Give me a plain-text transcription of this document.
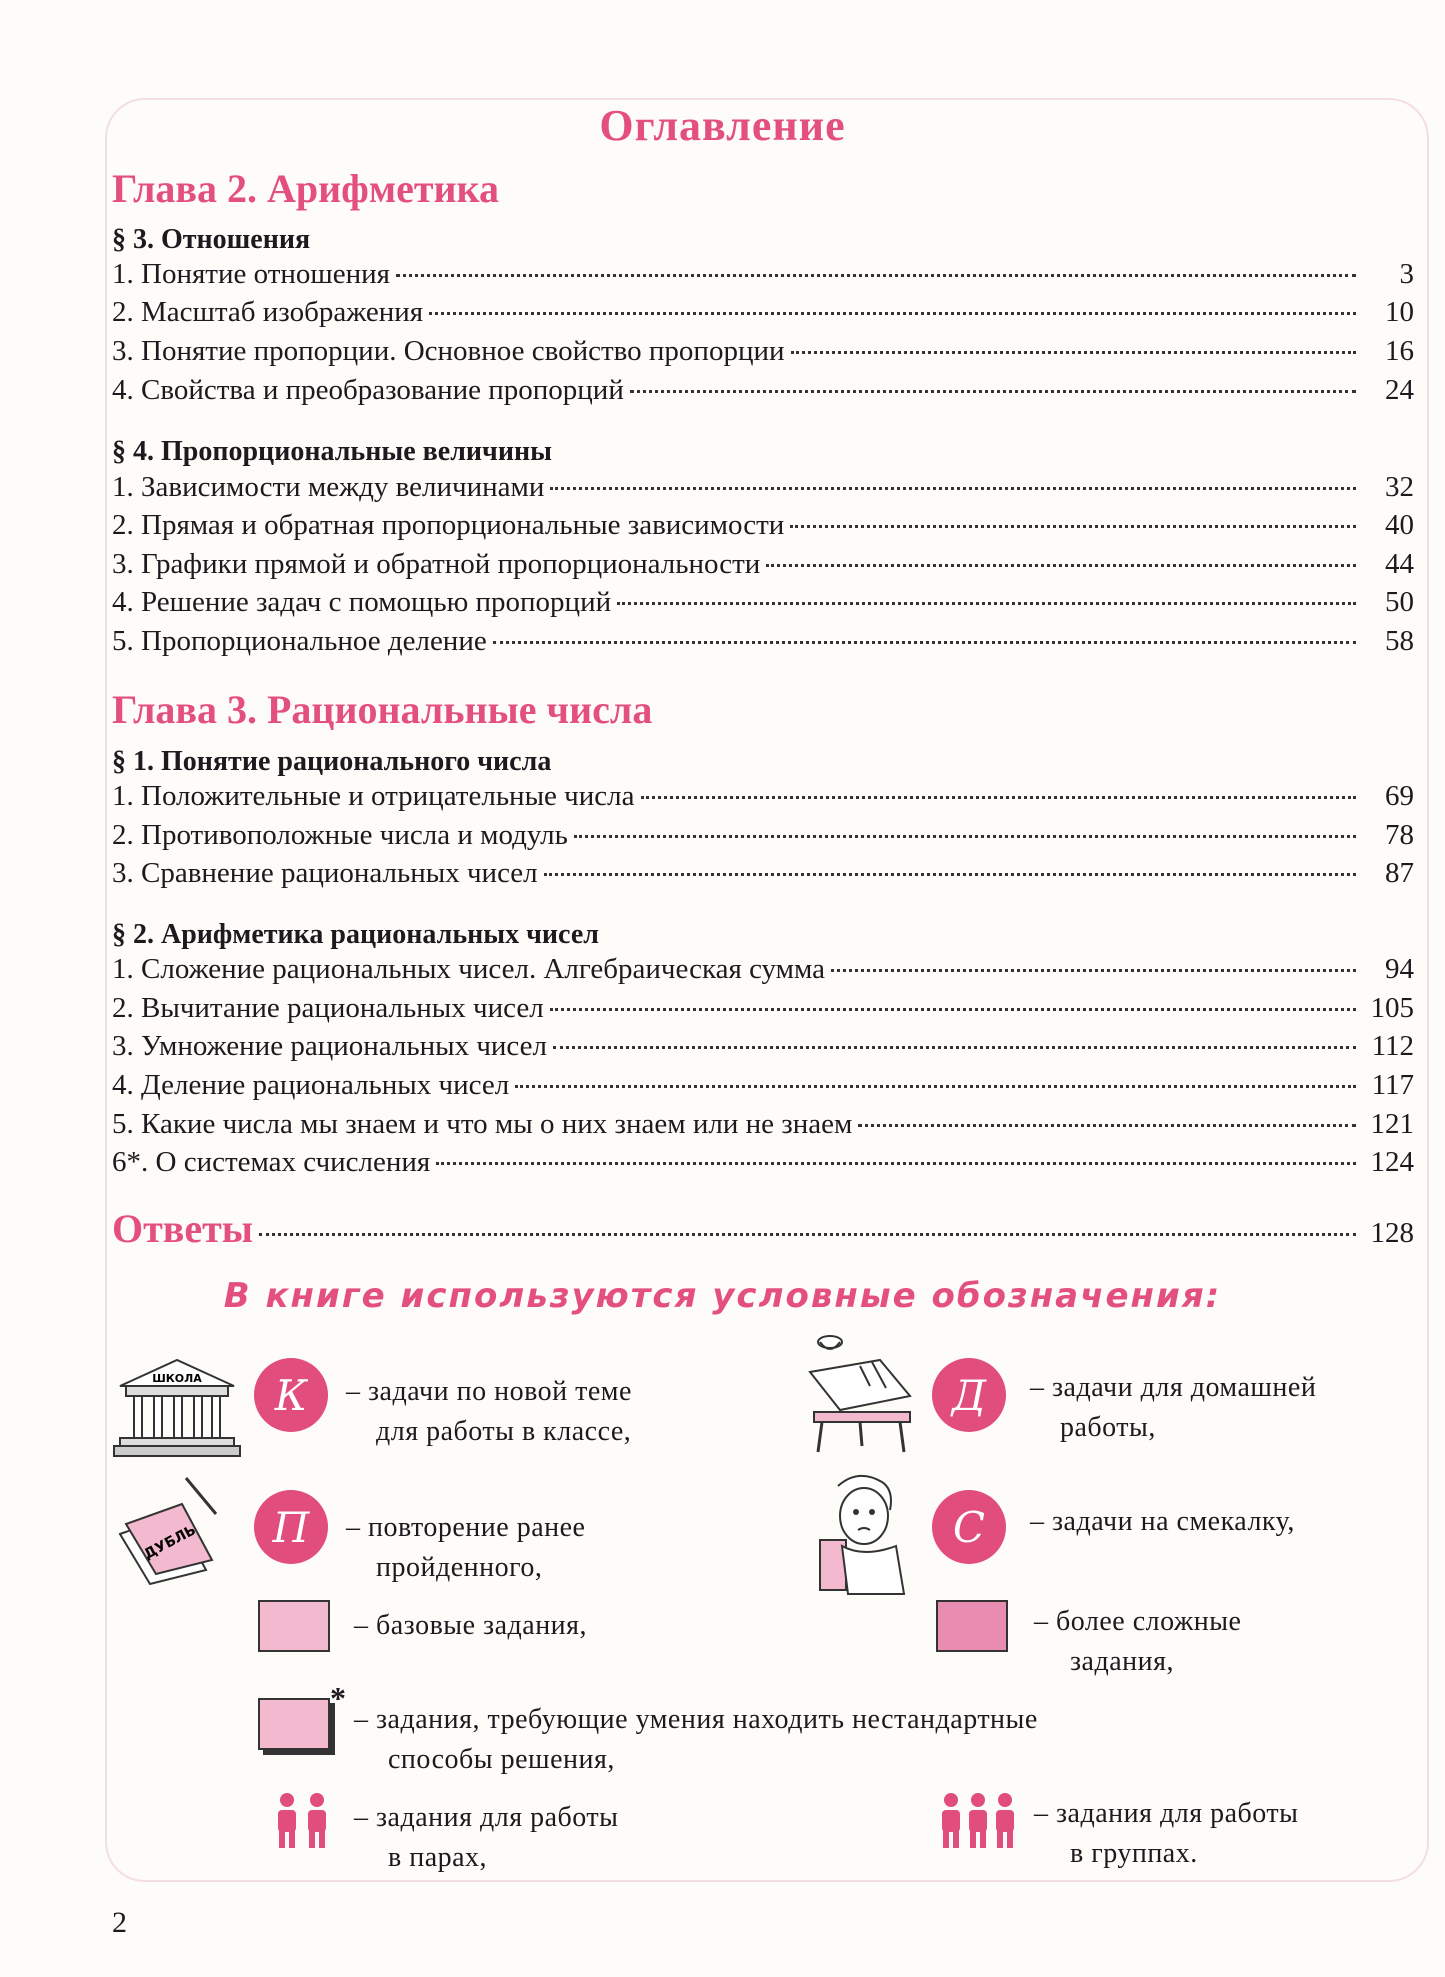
Оглавление
Глава 2. Арифметика
§ 3. Отношения
1. Понятие отношения	3
2. Масштаб изображения	10
3. Понятие пропорции. Основное свойство пропорции	16
4. Свойства и преобразование пропорций	24
§ 4. Пропорциональные величины
1. Зависимости между величинами	32
2. Прямая и обратная пропорциональные зависимости	40
3. Графики прямой и обратной пропорциональности	44
4. Решение задач с помощью пропорций	50
5. Пропорциональное деление	58
Глава 3. Рациональные числа
§ 1. Понятие рационального числа
1. Положительные и отрицательные числа	69
2. Противоположные числа и модуль	78
3. Сравнение рациональных чисел	87
§ 2. Арифметика рациональных чисел
1. Сложение рациональных чисел. Алгебраическая сумма	94
2. Вычитание рациональных чисел	105
3. Умножение рациональных чисел	112
4. Деление рациональных чисел	117
5. Какие числа мы знаем и что мы о них знаем или не знаем	121
6*. О системах счисления	124
Ответы	128
В книге используются условные обозначения:
ШКОЛА	К	– задачи по новой теме
для работы в классе,
Д	– задачи для домашней
работы,
ДУБЛЬ	П	– повторение ранее
пройденного,
С	– задачи на смекалку,
– базовые задания,	– более сложные
задания,
*
– задания, требующие умения находить нестандартные
способы решения,
– задания для работы
в парах,
– задания для работы
в группах.
2
